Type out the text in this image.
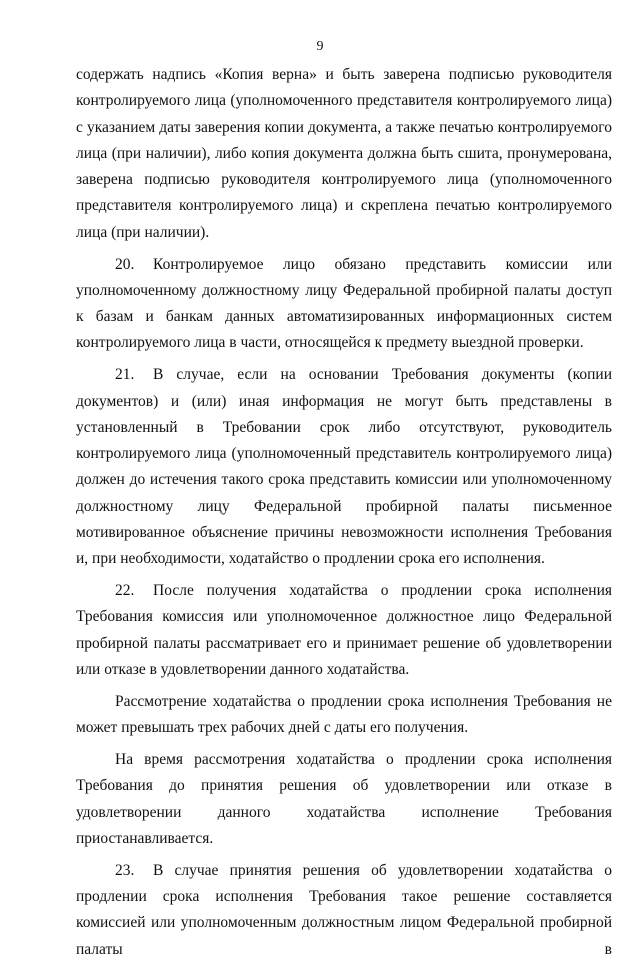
9

содержать надпись «Копия верна» и быть заверена подписью руководителя контролируемого лица (уполномоченного представителя контролируемого лица) с указанием даты заверения копии документа, а также печатью контролируемого лица (при наличии), либо копия документа должна быть сшита, пронумерована, заверена подписью руководителя контролируемого лица (уполномоченного представителя контролируемого лица) и скреплена печатью контролируемого лица (при наличии).

20. Контролируемое лицо обязано представить комиссии или уполномоченному должностному лицу Федеральной пробирной палаты доступ к базам и банкам данных автоматизированных информационных систем контролируемого лица в части, относящейся к предмету выездной проверки.

21. В случае, если на основании Требования документы (копии документов) и (или) иная информация не могут быть представлены в установленный в Требовании срок либо отсутствуют, руководитель контролируемого лица (уполномоченный представитель контролируемого лица) должен до истечения такого срока представить комиссии или уполномоченному должностному лицу Федеральной пробирной палаты письменное мотивированное объяснение причины невозможности исполнения Требования и, при необходимости, ходатайство о продлении срока его исполнения.

22. После получения ходатайства о продлении срока исполнения Требования комиссия или уполномоченное должностное лицо Федеральной пробирной палаты рассматривает его и принимает решение об удовлетворении или отказе в удовлетворении данного ходатайства.

Рассмотрение ходатайства о продлении срока исполнения Требования не может превышать трех рабочих дней с даты его получения.

На время рассмотрения ходатайства о продлении срока исполнения Требования до принятия решения об удовлетворении или отказе в удовлетворении данного ходатайства исполнение Требования приостанавливается.

23. В случае принятия решения об удовлетворении ходатайства о продлении срока исполнения Требования такое решение составляется комиссией или уполномоченным должностным лицом Федеральной пробирной палаты в
